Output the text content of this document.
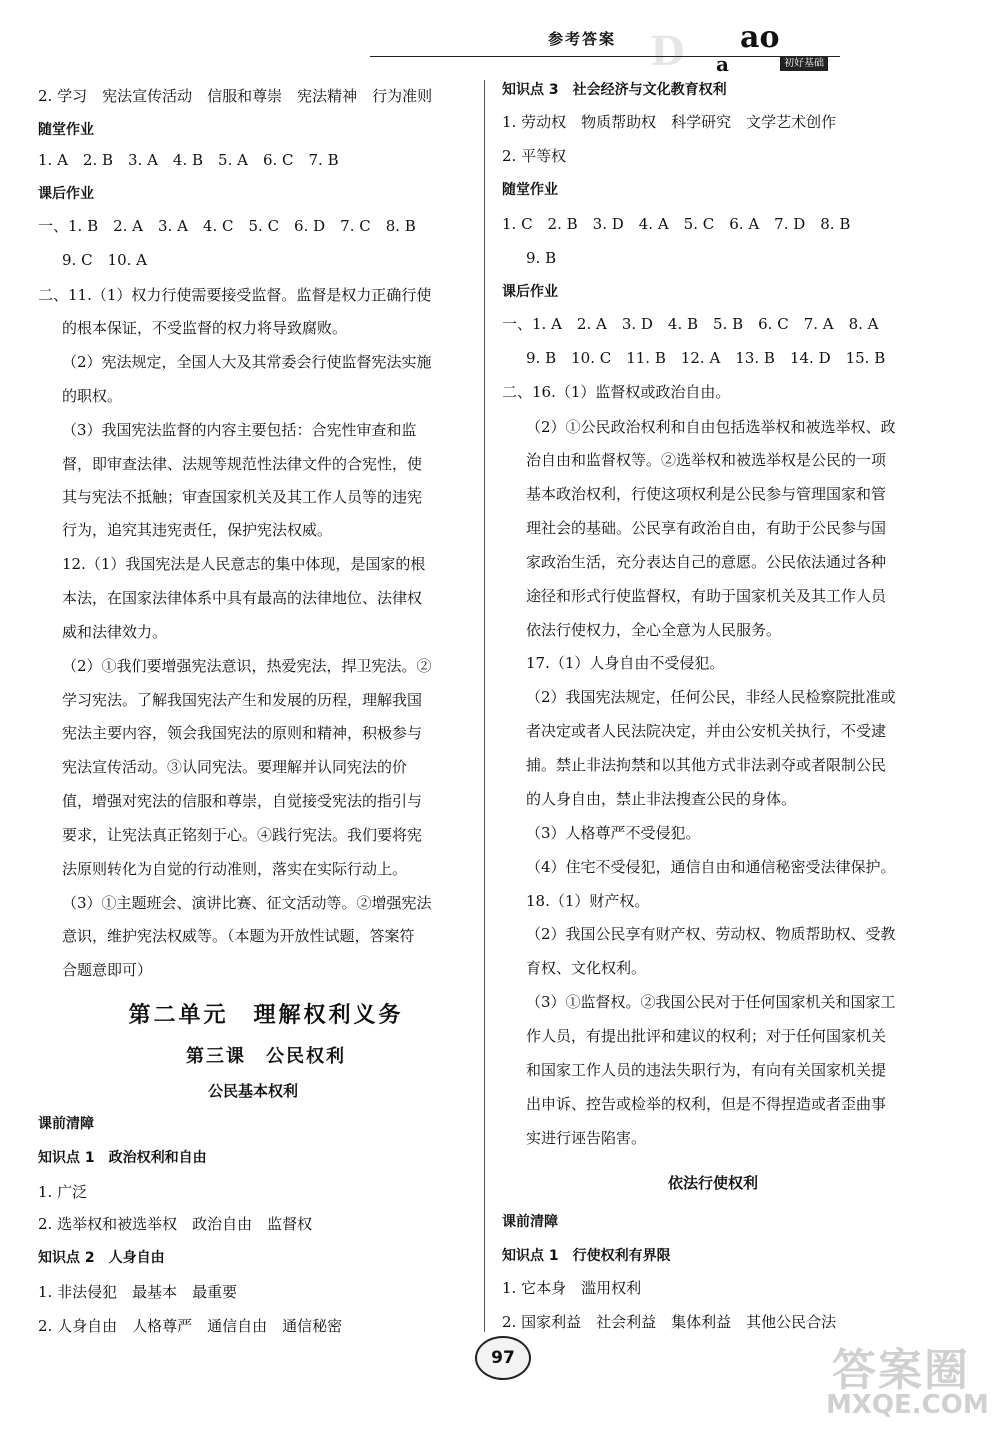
D
参考答案	ao
a	初好基础
2. 学习　宪法宣传活动　信服和尊崇　宪法精神　行为准则
随堂作业
1. A　2. B　3. A　4. B　5. A　6. C　7. B
课后作业
一、1. B　2. A　3. A　4. C　5. C　6. D　7. C　8. B
9. C　10. A
二、11.（1）权力行使需要接受监督。监督是权力正确行使
的根本保证，不受监督的权力将导致腐败。
（2）宪法规定，全国人大及其常委会行使监督宪法实施
的职权。
（3）我国宪法监督的内容主要包括：合宪性审查和监
督，即审查法律、法规等规范性法律文件的合宪性，使
其与宪法不抵触；审查国家机关及其工作人员等的违宪
行为，追究其违宪责任，保护宪法权威。
12.（1）我国宪法是人民意志的集中体现，是国家的根
本法，在国家法律体系中具有最高的法律地位、法律权
威和法律效力。
（2）①我们要增强宪法意识，热爱宪法，捍卫宪法。②
学习宪法。了解我国宪法产生和发展的历程，理解我国
宪法主要内容，领会我国宪法的原则和精神，积极参与
宪法宣传活动。③认同宪法。要理解并认同宪法的价
值，增强对宪法的信服和尊崇，自觉接受宪法的指引与
要求，让宪法真正铭刻于心。④践行宪法。我们要将宪
法原则转化为自觉的行动准则，落实在实际行动上。
（3）①主题班会、演讲比赛、征文活动等。②增强宪法
意识，维护宪法权威等。（本题为开放性试题，答案符
合题意即可）
第二单元　理解权利义务
第三课　公民权利
公民基本权利
课前清障
知识点 1　政治权利和自由
1. 广泛
2. 选举权和被选举权　政治自由　监督权
知识点 2　人身自由
1. 非法侵犯　最基本　最重要
2. 人身自由　人格尊严　通信自由　通信秘密
知识点 3　社会经济与文化教育权利
1. 劳动权　物质帮助权　科学研究　文学艺术创作
2. 平等权
随堂作业
1. C　2. B　3. D　4. A　5. C　6. A　7. D　8. B
9. B
课后作业
一、1. A　2. A　3. D　4. B　5. B　6. C　7. A　8. A
9. B　10. C　11. B　12. A　13. B　14. D　15. B
二、16.（1）监督权或政治自由。
（2）①公民政治权利和自由包括选举权和被选举权、政
治自由和监督权等。②选举权和被选举权是公民的一项
基本政治权利，行使这项权利是公民参与管理国家和管
理社会的基础。公民享有政治自由，有助于公民参与国
家政治生活，充分表达自己的意愿。公民依法通过各种
途径和形式行使监督权，有助于国家机关及其工作人员
依法行使权力，全心全意为人民服务。
17.（1）人身自由不受侵犯。
（2）我国宪法规定，任何公民，非经人民检察院批准或
者决定或者人民法院决定，并由公安机关执行，不受逮
捕。禁止非法拘禁和以其他方式非法剥夺或者限制公民
的人身自由，禁止非法搜查公民的身体。
（3）人格尊严不受侵犯。
（4）住宅不受侵犯，通信自由和通信秘密受法律保护。
18.（1）财产权。
（2）我国公民享有财产权、劳动权、物质帮助权、受教
育权、文化权利。
（3）①监督权。②我国公民对于任何国家机关和国家工
作人员，有提出批评和建议的权利；对于任何国家机关
和国家工作人员的违法失职行为，有向有关国家机关提
出申诉、控告或检举的权利，但是不得捏造或者歪曲事
实进行诬告陷害。
依法行使权利
课前清障
知识点 1　行使权利有界限
1. 它本身　滥用权利
2. 国家利益　社会利益　集体利益　其他公民合法
97	答案圈
MXQE.COM
